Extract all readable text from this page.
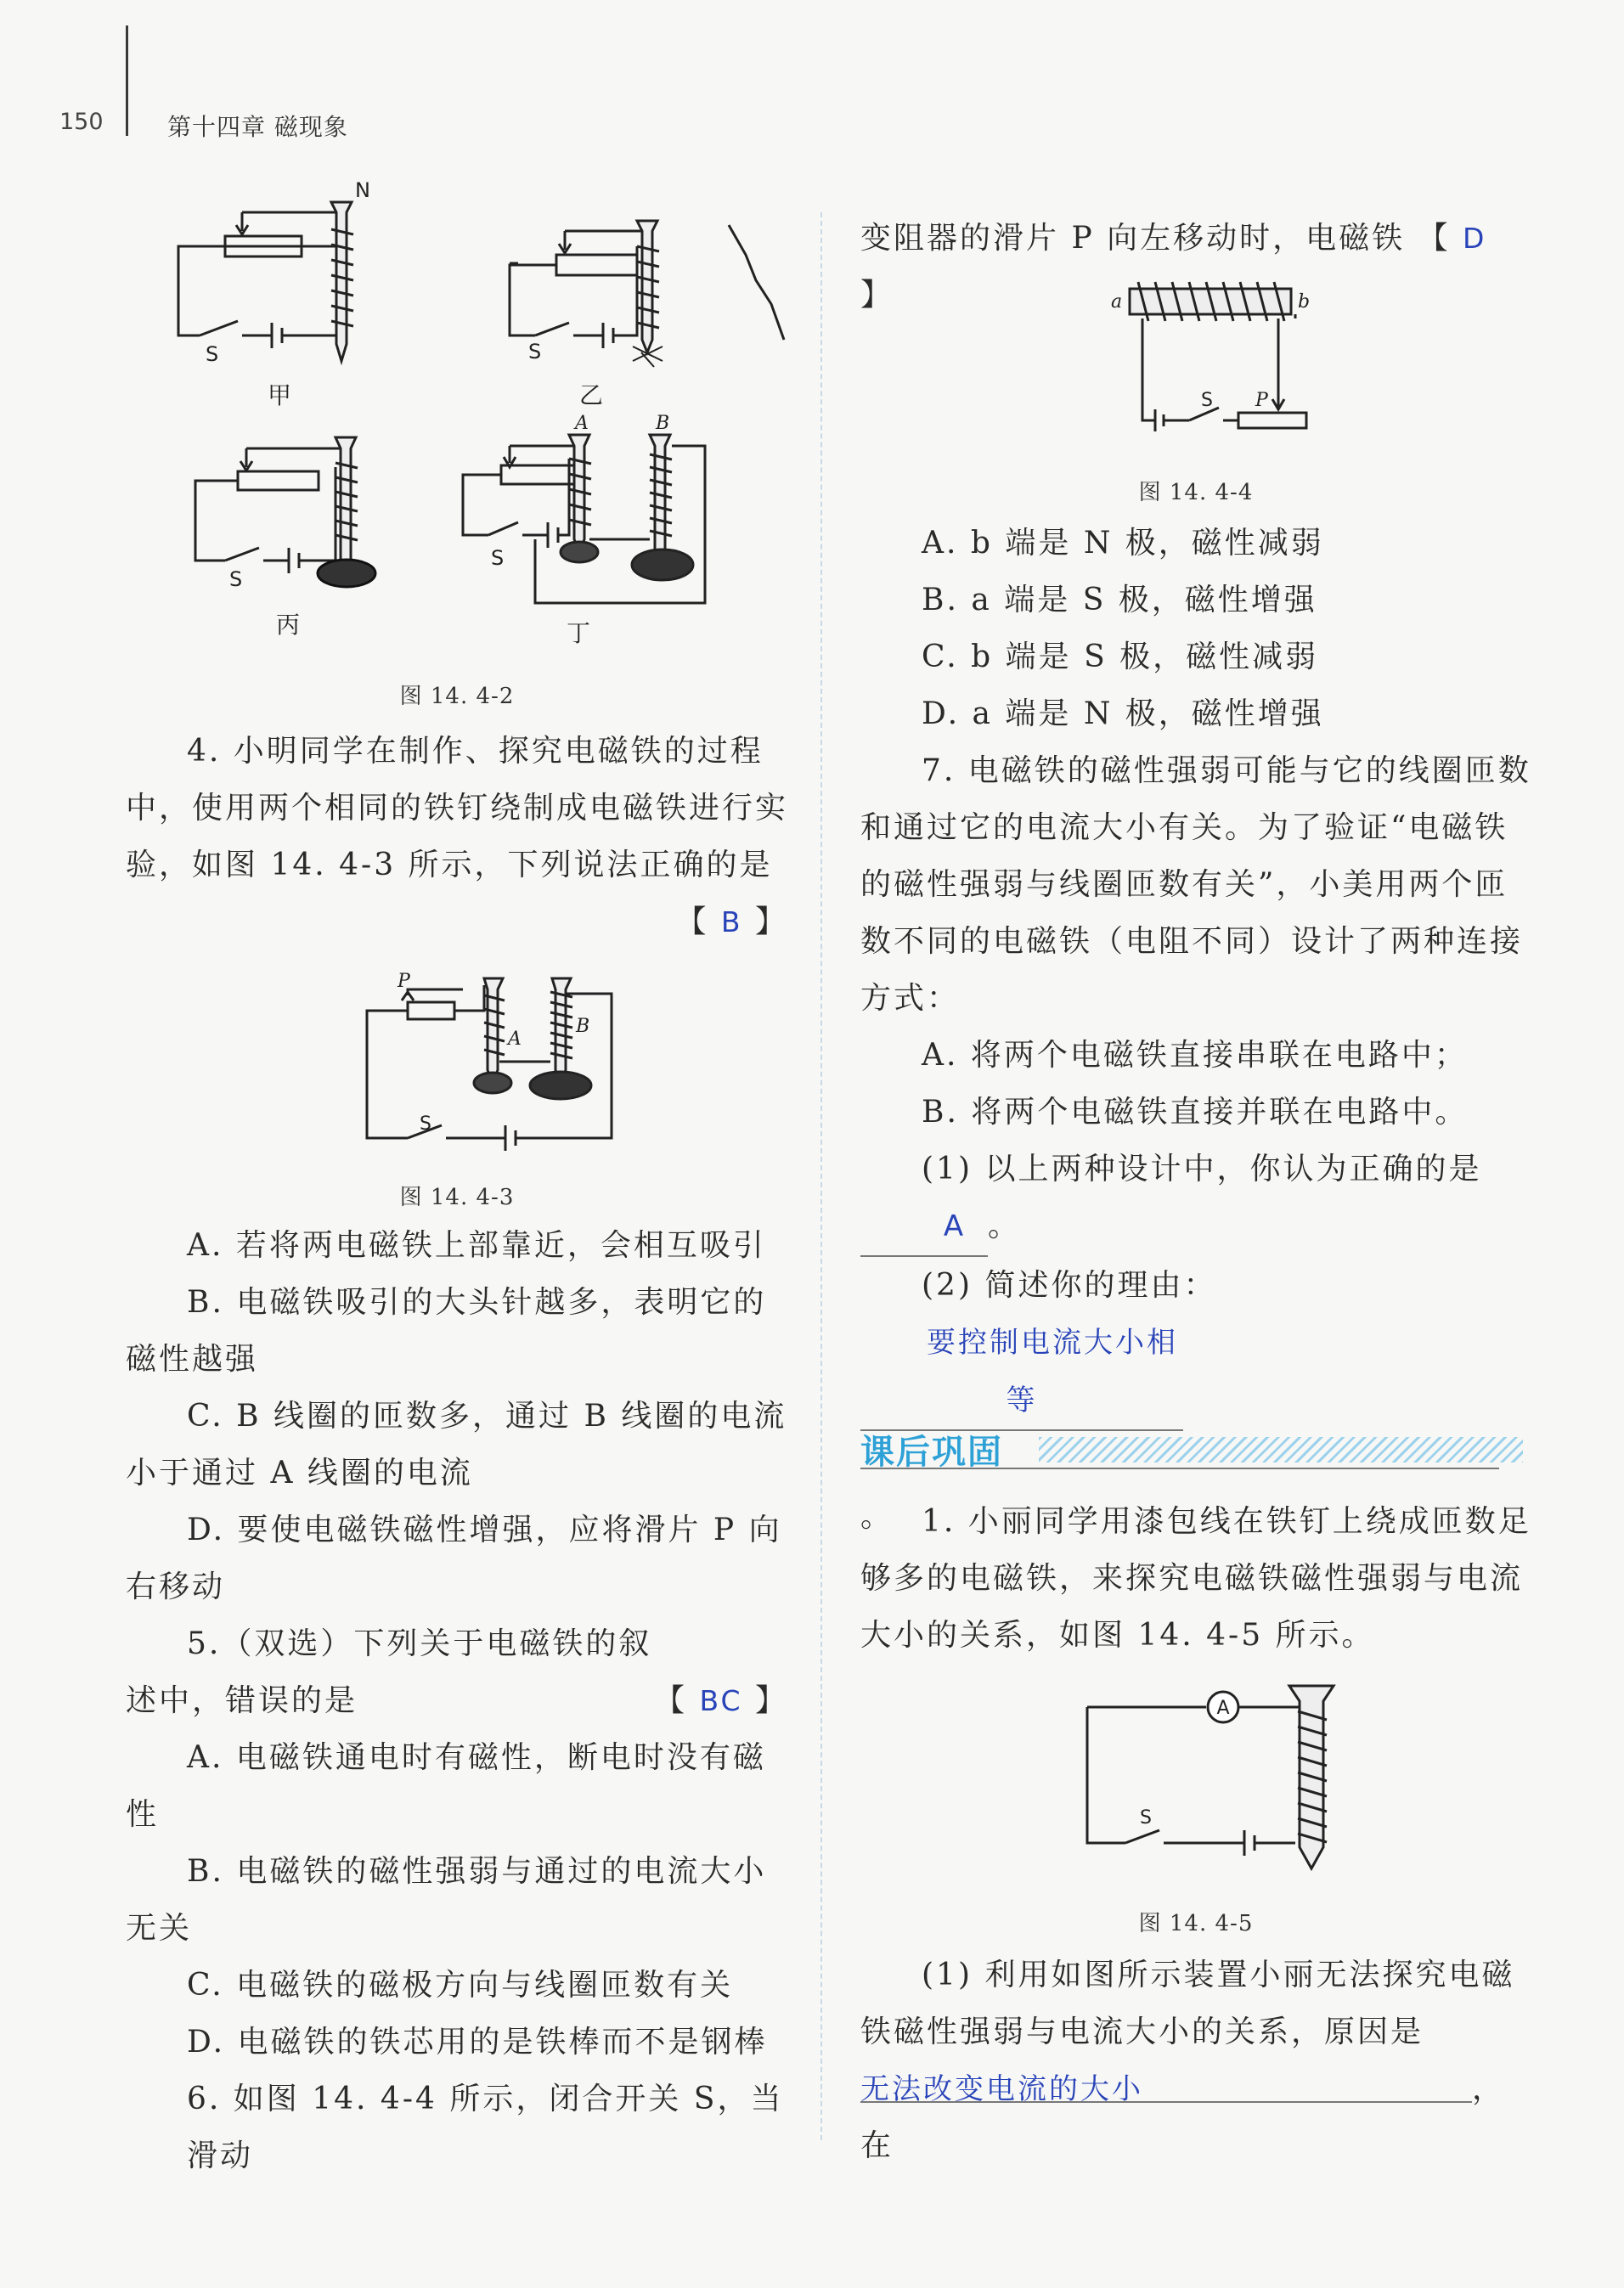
150	第十四章 磁现象
N
S
甲
S
乙
S
丙
A	B
S
丁
图 14. 4-2

4. 小明同学在制作、探究电磁铁的过程中，使用两个相同的铁钉绕制成电磁铁进行实验，如图 14. 4-3 所示，下列说法正确的是

【 B 】

P
A
B
S
图 14. 4-3

A. 若将两电磁铁上部靠近，会相互吸引

B. 电磁铁吸引的大头针越多，表明它的磁性越强

C. B 线圈的匝数多，通过 B 线圈的电流小于通过 A 线圈的电流

D. 要使电磁铁磁性增强，应将滑片 P 向右移动

5.（双选）下列关于电磁铁的叙述中，错误的是	【 BC 】

A. 电磁铁通电时有磁性，断电时没有磁性

B. 电磁铁的磁性强弱与通过的电流大小无关

C. 电磁铁的磁极方向与线圈匝数有关

D. 电磁铁的铁芯用的是铁棒而不是钢棒

6. 如图 14. 4-4 所示，闭合开关 S，当滑动

变阻器的滑片 P 向左移动时，电磁铁 【 D 】	a	b
S P
图 14. 4-4

A. b 端是 N 极，磁性减弱

B. a 端是 S 极，磁性增强

C. b 端是 S 极，磁性减弱

D. a 端是 N 极，磁性增强

7. 电磁铁的磁性强弱可能与它的线圈匝数和通过它的电流大小有关。为了验证“电磁铁的磁性强弱与线圈匝数有关”，小美用两个匝数不同的电磁铁（电阻不同）设计了两种连接方式：

A. 将两个电磁铁直接串联在电路中；

B. 将两个电磁铁直接并联在电路中。

(1) 以上两种设计中，你认为正确的是A 。

(2) 简述你的理由：要控制电流大小相等

。

课后巩固

1. 小丽同学用漆包线在铁钉上绕成匝数足够多的电磁铁，来探究电磁铁磁性强弱与电流大小的关系，如图 14. 4-5 所示。

A
S
图 14. 4-5

(1) 利用如图所示装置小丽无法探究电磁铁磁性强弱与电流大小的关系，原因是

无法改变电流的大小	，在
